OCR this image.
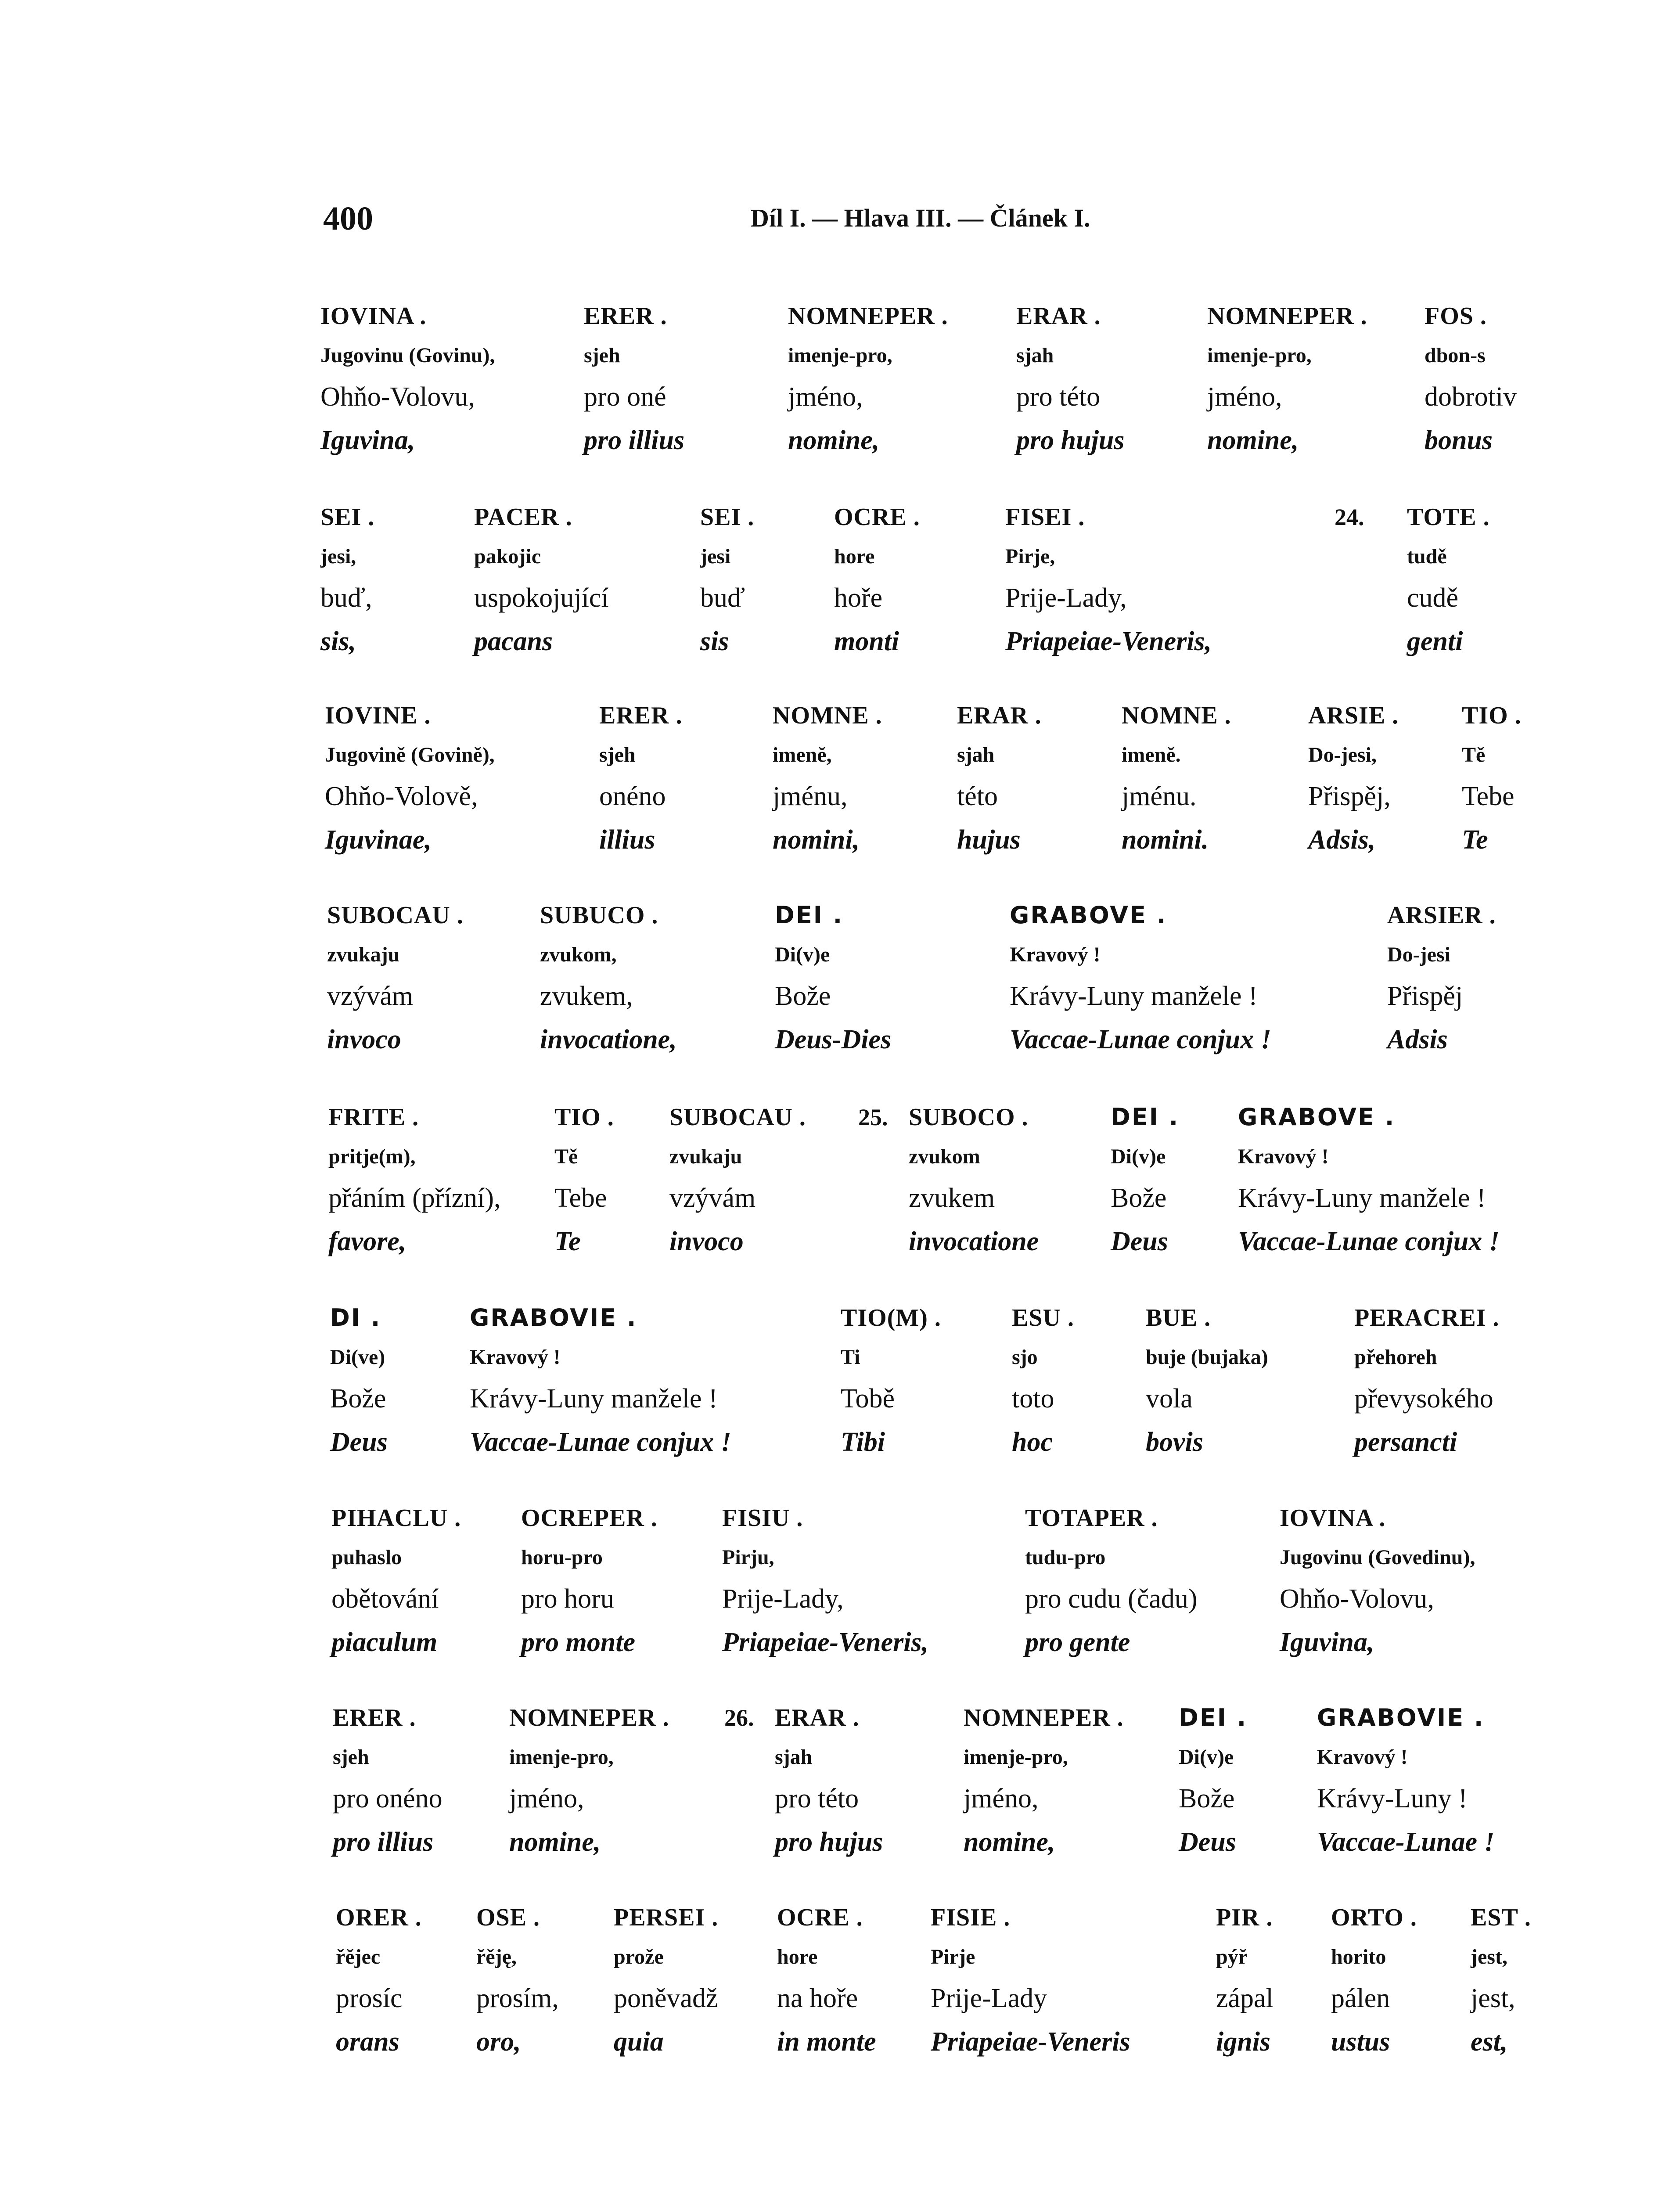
400	Díl I. — Hlava III. — Článek I.
IOVINA .
Jugovinu (Govinu),
Ohňo-Volovu,
Iguvina,
ERER .
sjeh
pro oné
pro illius
NOMNEPER .
imenje-pro,
jméno,
nomine,
ERAR .
sjah
pro této
pro hujus
NOMNEPER .
imenje-pro,
jméno,
nomine,
FOS .
dbon-s
dobrotiv
bonus
24.
SEI .
jesi,
buď,
sis,
PACER .
pakojic
uspokojující
pacans
SEI .
jesi
buď
sis
OCRE .
hore
hoře
monti
FISEI .
Pirje,
Prije-Lady,
Priapeiae-Veneris,
TOTE .
tudě
cudě
genti
IOVINE .
Jugovině (Govině),
Ohňo-Volově,
Iguvinae,
ERER .
sjeh
onéno
illius
NOMNE .
imeně,
jménu,
nomini,
ERAR .
sjah
této
hujus
NOMNE .
imeně.
jménu.
nomini.
ARSIE .
Do-jesi,
Přispěj,
Adsis,
TIO .
Tě
Tebe
Te
SUBOCAU .
zvukaju
vzývám
invoco
SUBUCO .
zvukom,
zvukem,
invocatione,
DEI .
Di(v)e
Bože
Deus-Dies
GRABOVE .
Kravový !
Krávy-Luny manžele !
Vaccae-Lunae conjux !
ARSIER .
Do-jesi
Přispěj
Adsis
25.
FRITE .
pritje(m),
přáním (přízní),
favore,
TIO .
Tě
Tebe
Te
SUBOCAU .
zvukaju
vzývám
invoco
SUBOCO .
zvukom
zvukem
invocatione
DEI .
Di(v)e
Bože
Deus
GRABOVE .
Kravový !
Krávy-Luny manžele !
Vaccae-Lunae conjux !
DI .
Di(ve)
Bože
Deus
GRABOVIE .
Kravový !
Krávy-Luny manžele !
Vaccae-Lunae conjux !
TIO(M) .
Ti
Tobě
Tibi
ESU .
sjo
toto
hoc
BUE .
buje (bujaka)
vola
bovis
PERACREI .
přehoreh
převysokého
persancti
PIHACLU .
puhaslo
obětování
piaculum
OCREPER .
horu-pro
pro horu
pro monte
FISIU .
Pirju,
Prije-Lady,
Priapeiae-Veneris,
TOTAPER .
tudu-pro
pro cudu (čadu)
pro gente
IOVINA .
Jugovinu (Govedinu),
Ohňo-Volovu,
Iguvina,
26.
ERER .
sjeh
pro onéno
pro illius
NOMNEPER .
imenje-pro,
jméno,
nomine,
ERAR .
sjah
pro této
pro hujus
NOMNEPER .
imenje-pro,
jméno,
nomine,
DEI .
Di(v)e
Bože
Deus
GRABOVIE .
Kravový !
Krávy-Luny !
Vaccae-Lunae !
ORER .
řějec
prosíc
orans
OSE .
řěję,
prosím,
oro,
PERSEI .
prože
poněvadž
quia
OCRE .
hore
na hoře
in monte
FISIE .
Pirje
Prije-Lady
Priapeiae-Veneris
PIR .
pýř
zápal
ignis
ORTO .
horito
pálen
ustus
EST .
jest,
jest,
est,
